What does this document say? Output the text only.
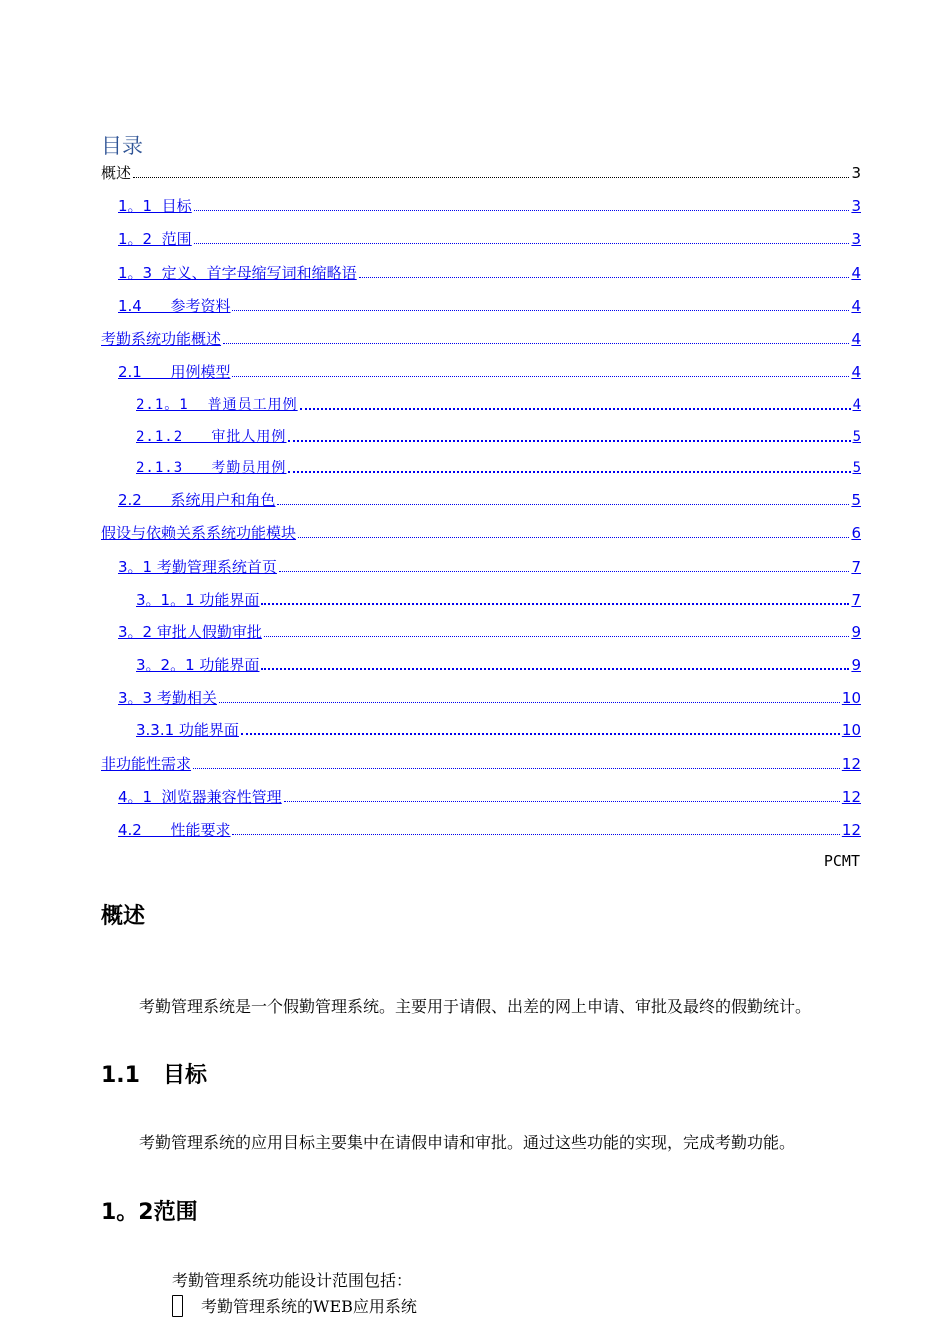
目录
概述	3
1。1  目标	3
1。2  范围	3
1。3  定义、首字母缩写词和缩略语	4
1.4      参考资料	4
考勤系统功能概述	4
2.1      用例模型	4
2.1。1  普通员工用例	4
2.1.2   审批人用例	5
2.1.3   考勤员用例	5
2.2      系统用户和角色	5
假设与依赖关系系统功能模块	6
3。1 考勤管理系统首页	7
3。1。1 功能界面	7
3。2 审批人假勤审批	9
3。2。1 功能界面	9
3。3 考勤相关	10
3.3.1 功能界面	10
非功能性需求	12
4。1  浏览器兼容性管理	12
4.2      性能要求	12
PCMT
概述
考勤管理系统是一个假勤管理系统。主要用于请假、出差的网上申请、审批及最终的假勤统计。
1.1   目标
考勤管理系统的应用目标主要集中在请假申请和审批。通过这些功能的实现，完成考勤功能。
1。2范围
考勤管理系统功能设计范围包括：
考勤管理系统的WEB应用系统
